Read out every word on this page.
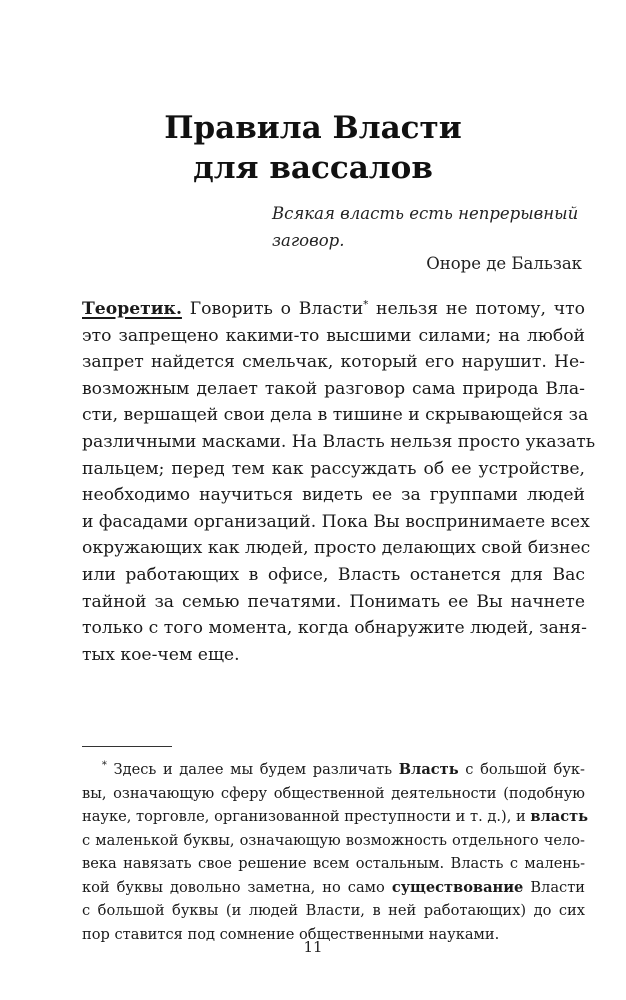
Правила Власти
для вассалов
Всякая власть есть непрерывный заговор.
Оноре де Бальзак
Теоретик. Говорить о Власти* нельзя не потому, что
это запрещено какими-то высшими силами; на любой
запрет найдется смельчак, который его нарушит. Не-
возможным делает такой разговор сама природа Вла-
сти, вершащей свои дела в тишине и скрывающейся за
различными масками. На Власть нельзя просто указать
пальцем; перед тем как рассуждать об ее устройстве,
необходимо научиться видеть ее за группами людей
и фасадами организаций. Пока Вы воспринимаете всех
окружающих как людей, просто делающих свой бизнес
или работающих в офисе, Власть останется для Вас
тайной за семью печатями. Понимать ее Вы начнете
только с того момента, когда обнаружите людей, заня-
тых кое-чем еще.
* Здесь и далее мы будем различать Власть с большой бук-
вы, означающую сферу общественной деятельности (подобную
науке, торговле, организованной преступности и т. д.), и власть
с маленькой буквы, означающую возможность отдельного чело-
века навязать свое решение всем остальным. Власть с малень-
кой буквы довольно заметна, но само существование Власти
с большой буквы (и людей Власти, в ней работающих) до сих
пор ставится под сомнение общественными науками.
11
